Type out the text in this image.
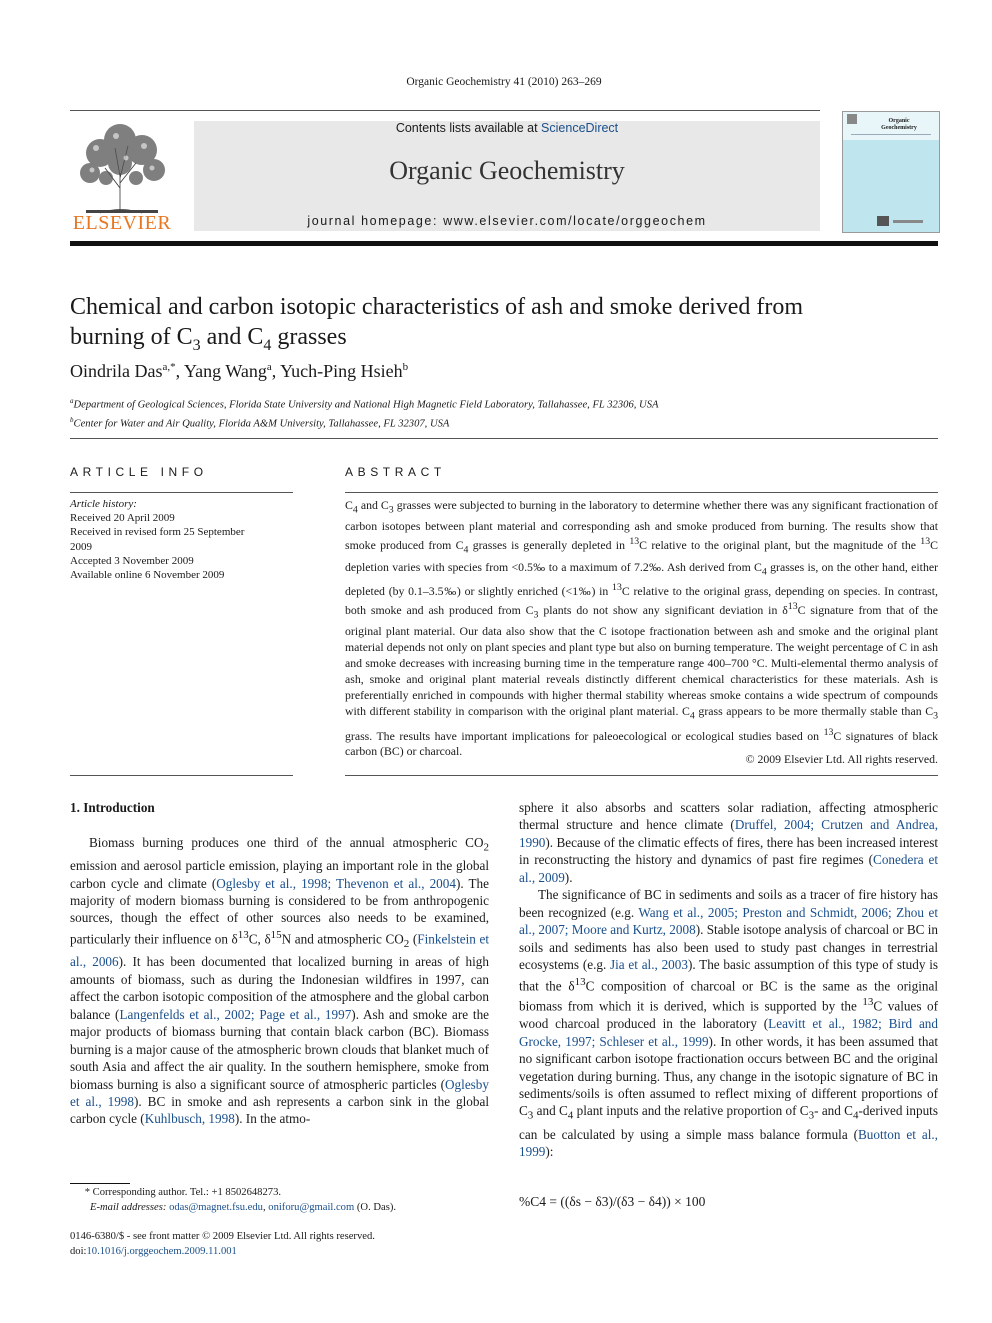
Organic Geochemistry 41 (2010) 263–269
ELSEVIER
Contents lists available at ScienceDirect
Organic Geochemistry
journal homepage: www.elsevier.com/locate/orggeochem
Organic
Geochemistry
Chemical and carbon isotopic characteristics of ash and smoke derived from
burning of $C_3$ and $C_4$ grasses
Oindrila Das$^{a,*}$, Yang Wang$^a$, Yuch-Ping Hsieh$^b$
$^a$Department of Geological Sciences, Florida State University and National High Magnetic Field Laboratory, Tallahassee, FL 32306, USA
$^b$Center for Water and Air Quality, Florida A&M University, Tallahassee, FL 32307, USA
ARTICLE INFO
Article history:
Received 20 April 2009
Received in revised form 25 September
2009
Accepted 3 November 2009
Available online 6 November 2009
ABSTRACT
$C_4$ and $C_3$ grasses were subjected to burning in the laboratory to determine whether there was any significant fractionation of carbon isotopes between plant material and corresponding ash and smoke produced from burning. The results show that smoke produced from $C_4$ grasses is generally depleted in $^{13}$C relative to the original plant, but the magnitude of the $^{13}$C depletion varies with species from <0.5‰ to a maximum of 7.2‰. Ash derived from $C_4$ grasses is, on the other hand, either depleted (by 0.1–3.5‰) or slightly enriched (<1‰) in $^{13}$C relative to the original grass, depending on species. In contrast, both smoke and ash produced from $C_3$ plants do not show any significant deviation in $\delta^{13}C$ signature from that of the original plant material. Our data also show that the C isotope fractionation between ash and smoke and the original plant material depends not only on plant species and plant type but also on burning temperature. The weight percentage of C in ash and smoke decreases with increasing burning time in the temperature range 400–700 °C. Multi-elemental thermo analysis of ash, smoke and original plant material reveals distinctly different chemical characteristics for these materials. Ash is preferentially enriched in compounds with higher thermal stability whereas smoke contains a wide spectrum of compounds with different stability in comparison with the original plant material. $C_4$ grass appears to be more thermally stable than $C_3$ grass. The results have important implications for paleoecological or ecological studies based on $^{13}$C signatures of black carbon (BC) or charcoal.
© 2009 Elsevier Ltd. All rights reserved.
1. Introduction

Biomass burning produces one third of the annual atmospheric $CO_2$ emission and aerosol particle emission, playing an important role in the global carbon cycle and climate (Oglesby et al., 1998; Thevenon et al., 2004). The majority of modern biomass burning is considered to be from anthropogenic sources, though the effect of other sources also needs to be examined, particularly their influence on $\delta^{13}C$, $\delta^{15}N$ and atmospheric $CO_2$ (Finkelstein et al., 2006). It has been documented that localized burning in areas of high amounts of biomass, such as during the Indonesian wildfires in 1997, can affect the carbon isotopic composition of the atmosphere and the global carbon balance (Langenfelds et al., 2002; Page et al., 1997). Ash and smoke are the major products of biomass burning that contain black carbon (BC). Biomass burning is a major cause of the atmospheric brown clouds that blanket much of south Asia and affect the air quality. In the southern hemisphere, smoke from biomass burning is also a significant source of atmospheric particles (Oglesby et al., 1998). BC in smoke and ash represents a carbon sink in the global carbon cycle (Kuhlbusch, 1998). In the atmo-

sphere it also absorbs and scatters solar radiation, affecting atmospheric thermal structure and hence climate (Druffel, 2004; Crutzen and Andrea, 1990). Because of the climatic effects of fires, there has been increased interest in reconstructing the history and dynamics of past fire regimes (Conedera et al., 2009).

The significance of BC in sediments and soils as a tracer of fire history has been recognized (e.g. Wang et al., 2005; Preston and Schmidt, 2006; Zhou et al., 2007; Moore and Kurtz, 2008). Stable isotope analysis of charcoal or BC in soils and sediments has also been used to study past changes in terrestrial ecosystems (e.g. Jia et al., 2003). The basic assumption of this type of study is that the $\delta^{13}C$ composition of charcoal or BC is the same as the original biomass from which it is derived, which is supported by the $^{13}$C values of wood charcoal produced in the laboratory (Leavitt et al., 1982; Bird and Grocke, 1997; Schleser et al., 1999). In other words, it has been assumed that no significant carbon isotope fractionation occurs between BC and the original vegetation during burning. Thus, any change in the isotopic signature of BC in sediments/soils is often assumed to reflect mixing of different proportions of $C_3$ and $C_4$ plant inputs and the relative proportion of $C_3-$ and $C_4$-derived inputs can be calculated by using a simple mass balance formula (Buotton et al., 1999):

%C4 = ((δs − δ3)/(δ3 − δ4)) × 100
* Corresponding author. Tel.: +1 8502648273.
E-mail addresses: odas@magnet.fsu.edu, oniforu@gmail.com (O. Das).
0146-6380/$ - see front matter © 2009 Elsevier Ltd. All rights reserved.
doi:10.1016/j.orggeochem.2009.11.001
